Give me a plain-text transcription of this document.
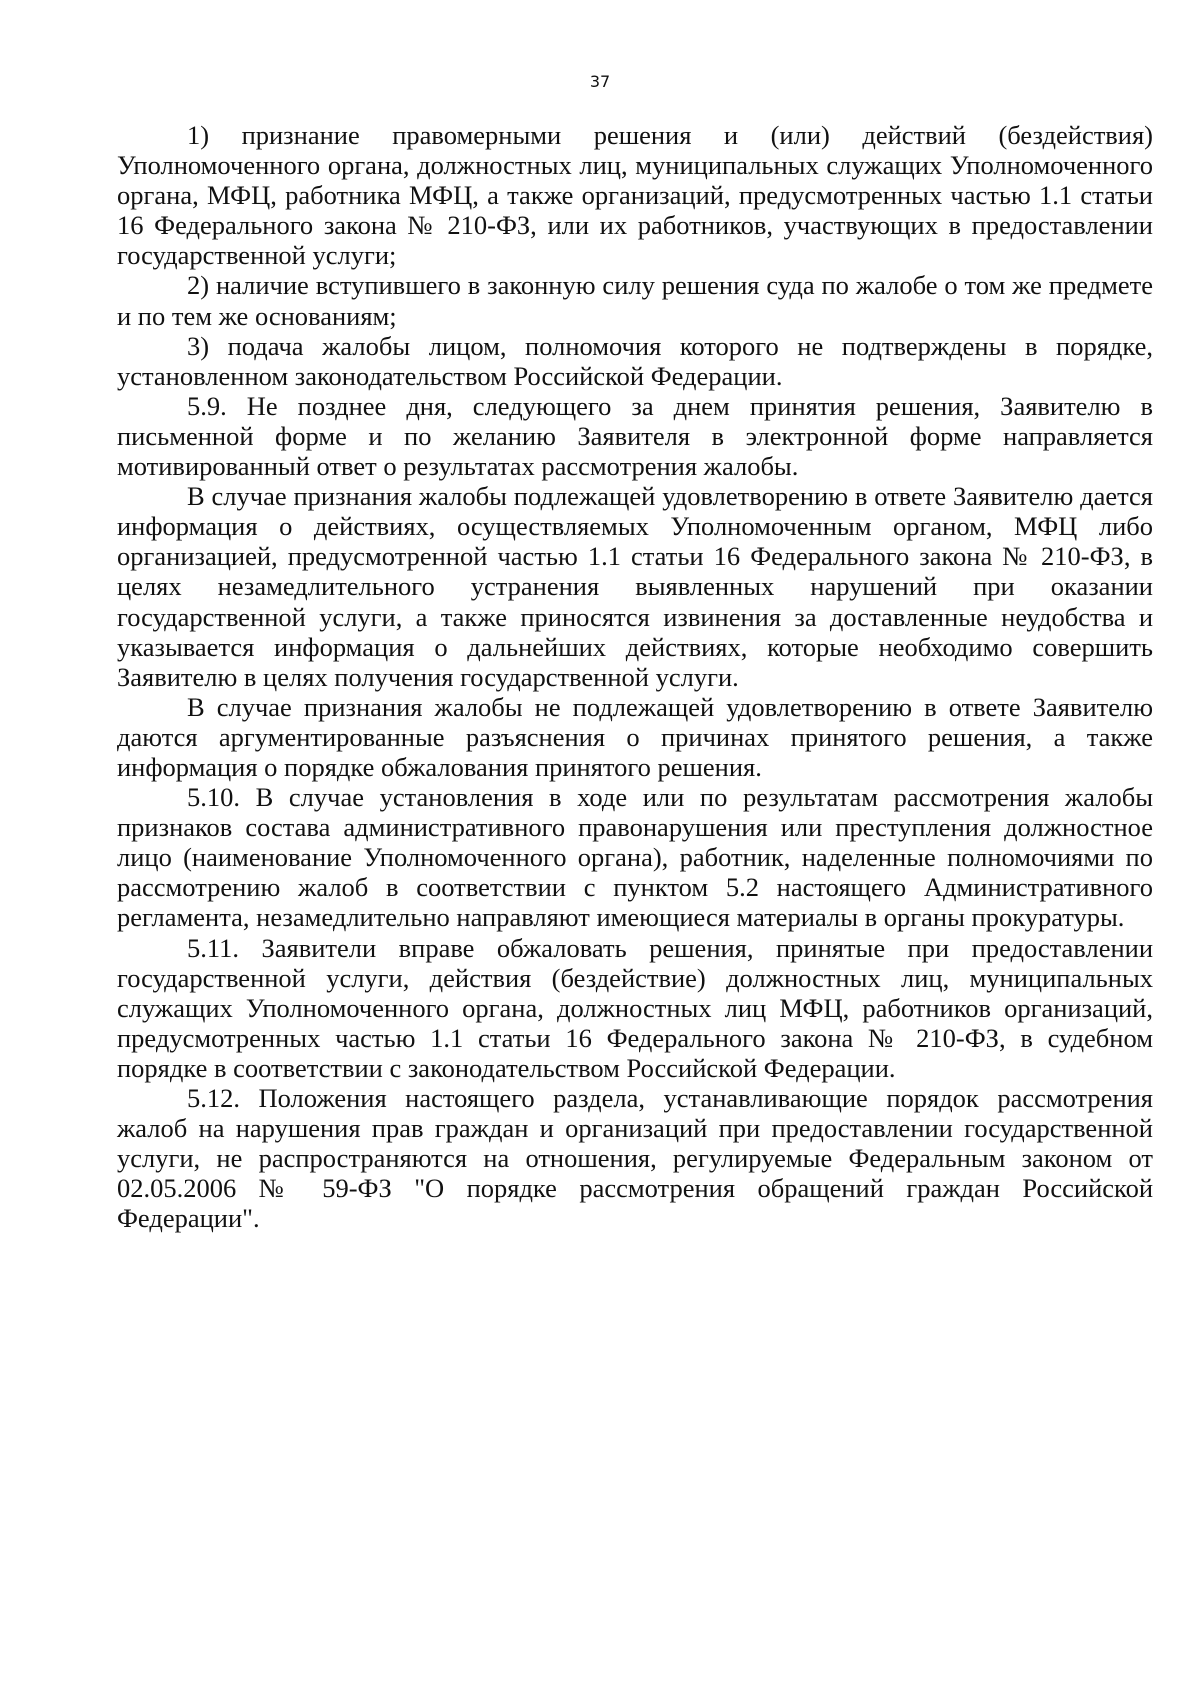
37

1) признание правомерными решения и (или) действий (бездействия) Уполномоченного органа, должностных лиц, муниципальных служащих Уполномоченного органа, МФЦ, работника МФЦ, а также организаций, предусмотренных частью 1.1 статьи 16 Федерального закона № 210-ФЗ, или их работников, участвующих в предоставлении государственной услуги;

2) наличие вступившего в законную силу решения суда по жалобе о том же предмете и по тем же основаниям;

3) подача жалобы лицом, полномочия которого не подтверждены в порядке, установленном законодательством Российской Федерации.

5.9. Не позднее дня, следующего за днем принятия решения, Заявителю в письменной форме и по желанию Заявителя в электронной форме направляется мотивированный ответ о результатах рассмотрения жалобы.

В случае признания жалобы подлежащей удовлетворению в ответе Заявителю дается информация о действиях, осуществляемых Уполномоченным органом, МФЦ либо организацией, предусмотренной частью 1.1 статьи 16 Федерального закона № 210-ФЗ, в целях незамедлительного устранения выявленных нарушений при оказании государственной услуги, а также приносятся извинения за доставленные неудобства и указывается информация о дальнейших действиях, которые необходимо совершить Заявителю в целях получения государственной услуги.

В случае признания жалобы не подлежащей удовлетворению в ответе Заявителю даются аргументированные разъяснения о причинах принятого решения, а также информация о порядке обжалования принятого решения.

5.10. В случае установления в ходе или по результатам рассмотрения жалобы признаков состава административного правонарушения или преступления должностное лицо (наименование Уполномоченного органа), работник, наделенные полномочиями по рассмотрению жалоб в соответствии с пунктом 5.2 настоящего Административного регламента, незамедлительно направляют имеющиеся материалы в органы прокуратуры.

5.11. Заявители вправе обжаловать решения, принятые при предоставлении государственной услуги, действия (бездействие) должностных лиц, муниципальных служащих Уполномоченного органа, должностных лиц МФЦ, работников организаций, предусмотренных частью 1.1 статьи 16 Федерального закона № 210-ФЗ, в судебном порядке в соответствии с законодательством Российской Федерации.

5.12. Положения настоящего раздела, устанавливающие порядок рассмотрения жалоб на нарушения прав граждан и организаций при предоставлении государственной услуги, не распространяются на отношения, регулируемые Федеральным законом от 02.05.2006 № 59-ФЗ "О порядке рассмотрения обращений граждан Российской Федерации".
